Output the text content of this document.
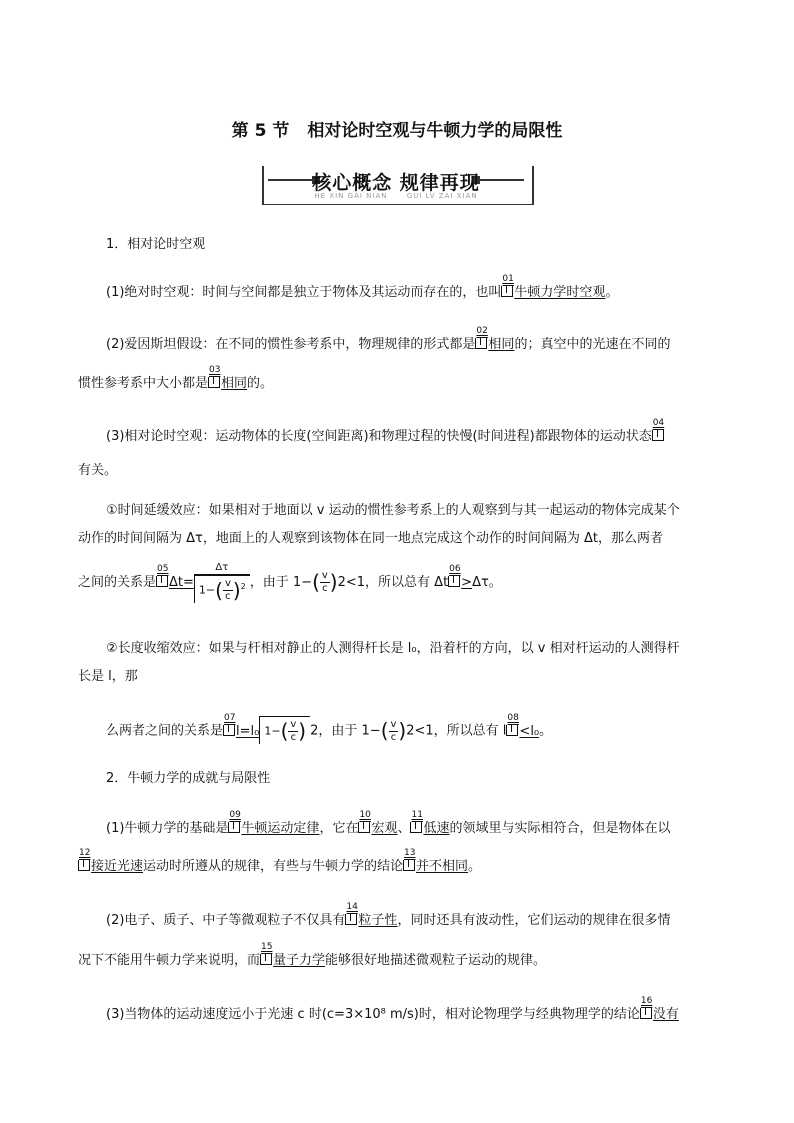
第 5 节 相对论时空观与牛顿力学的局限性
核心概念 规律再现
HE XIN GAI NIAN	GUI LV ZAI XIAN
1．相对论时空观
(1)绝对时空观：时间与空间都是独立于物体及其运动而存在的，也叫
01
牛顿力学时空观。
(2)爱因斯坦假设：在不同的惯性参考系中，物理规律的形式都是
02
相同的；真空中的光速在不同的
惯性参考系中大小都是
03
相同的。
(3)相对论时空观：运动物体的长度(空间距离)和物理过程的快慢(时间进程)都跟物体的运动状态
04
有关。
①时间延缓效应：如果相对于地面以 v 运动的惯性参考系上的人观察到与其一起运动的物体完成某个
动作的时间间隔为 Δτ，地面上的人观察到该物体在同一地点完成这个动作的时间间隔为 Δt，那么两者
之间的关系是
05
$\Delta t= \frac{\Delta\tau}{1-( \frac{v}{c} )^2}$ ，由于 $1-( \frac{v}{c} )2<1$，所以总有 Δt
06
>Δτ。
②长度收缩效应：如果与杆相对静止的人测得杆长是 l₀，沿着杆的方向，以 v 相对杆运动的人测得杆
长是 l，那
么两者之间的关系是
07
l=l₀ $1-( \frac{v}{c}$ ) 2，由于 $1-( \frac{v}{c} )2<1$，所以总有 l
08
<l₀。
2．牛顿力学的成就与局限性
(1)牛顿力学的基础是
09
牛顿运动定律，它在
10
宏观、
11
低速的领域里与实际相符合，但是物体在以
12
接近光速运动时所遵从的规律，有些与牛顿力学的结论
13
并不相同。
(2)电子、质子、中子等微观粒子不仅具有
14
粒子性，同时还具有波动性，它们运动的规律在很多情
况下不能用牛顿力学来说明，而
15
量子力学能够很好地描述微观粒子运动的规律。
(3)当物体的运动速度远小于光速 c 时(c=3×10⁸ m/s)时，相对论物理学与经典物理学的结论
16
没有
